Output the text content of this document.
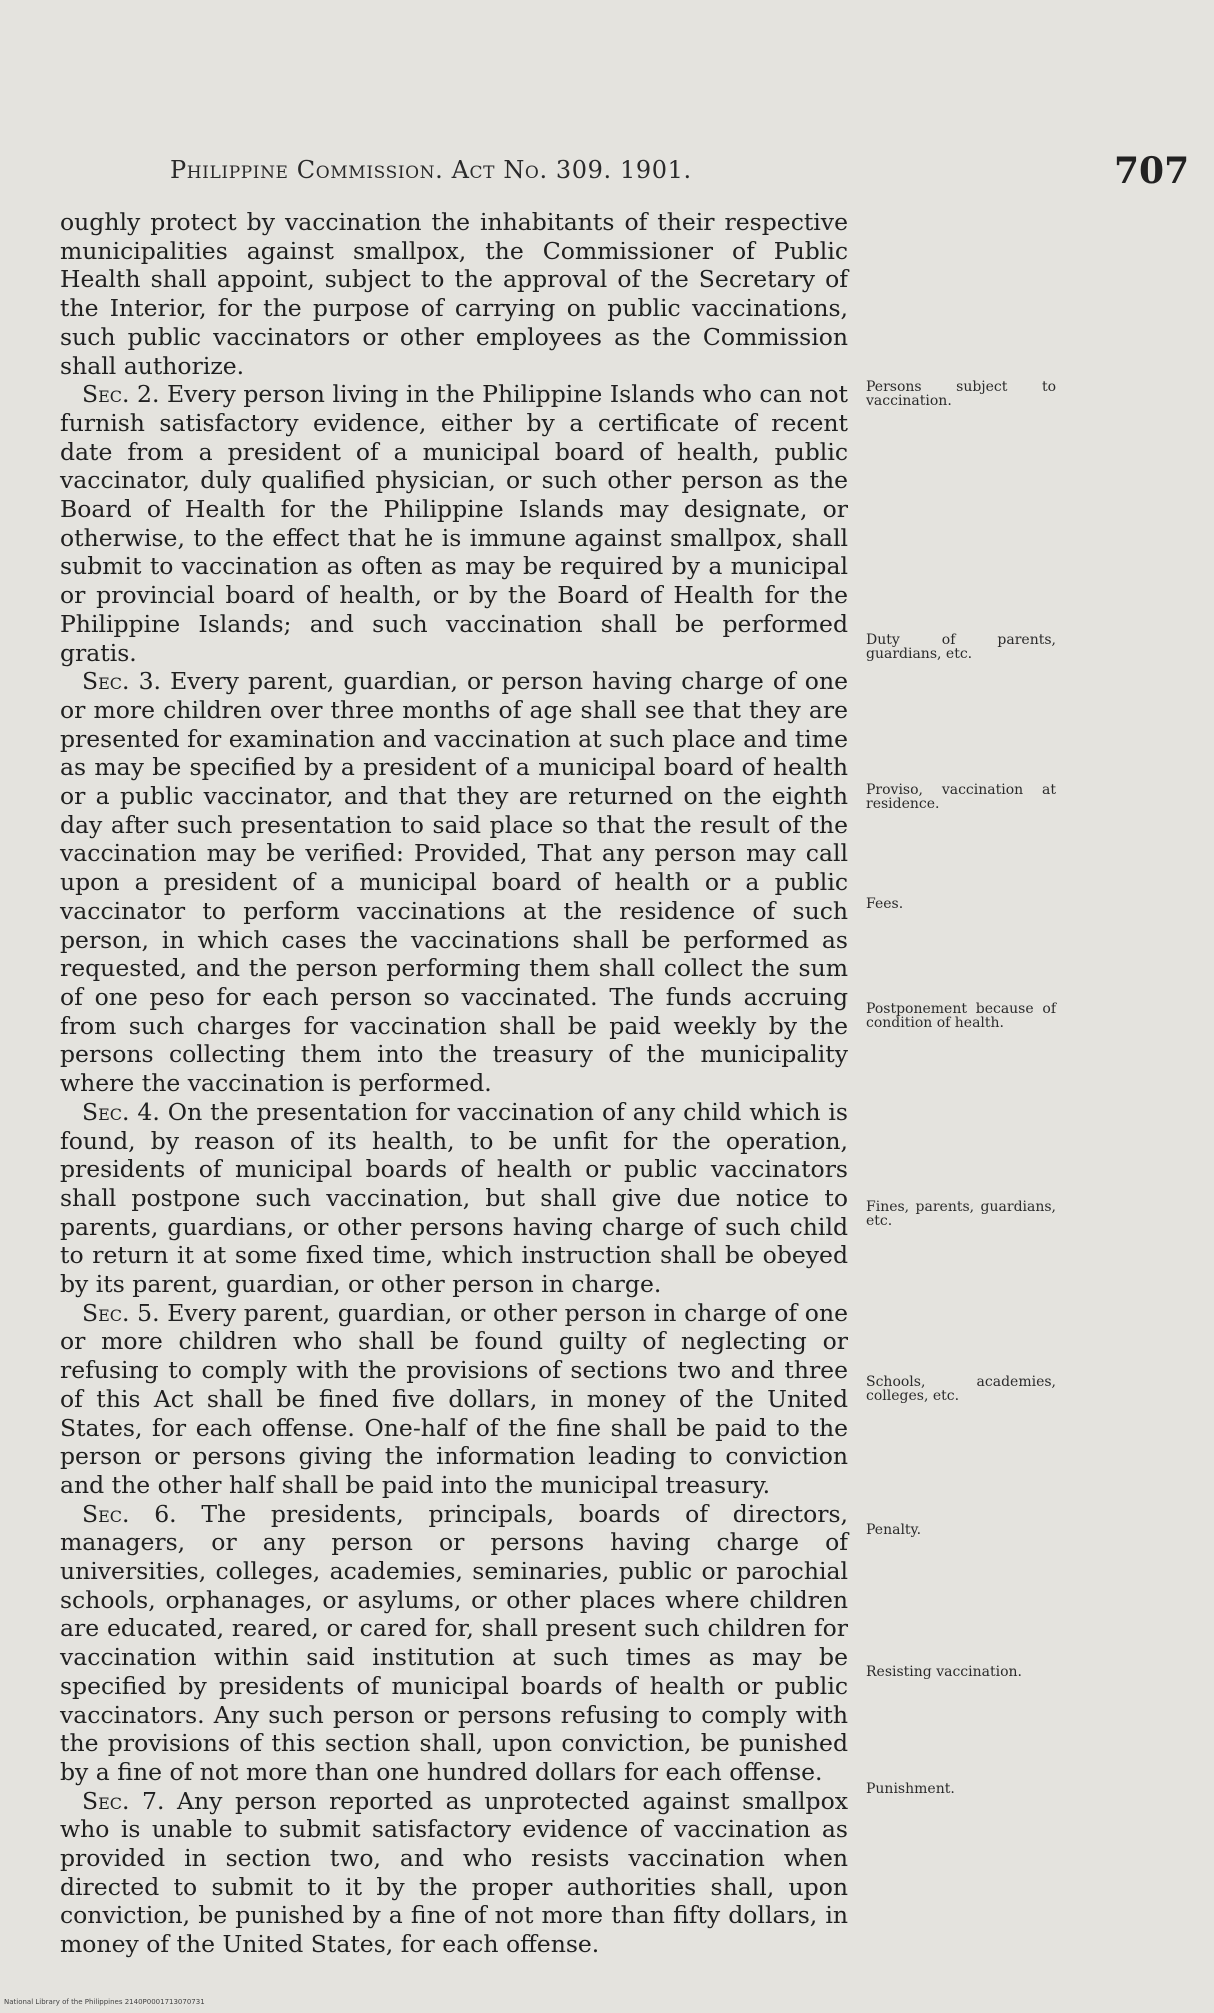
Philippine Commission. Act No. 309. 1901.	707

oughly protect by vaccination the inhabitants of their respective municipalities against smallpox, the Commissioner of Public Health shall appoint, subject to the approval of the Secretary of the Interior, for the purpose of carrying on public vaccinations, such public vaccinators or other employees as the Commission shall authorize.

Sec. 2. Every person living in the Philippine Islands who can not furnish satisfactory evidence, either by a certificate of recent date from a president of a municipal board of health, public vaccinator, duly qualified physician, or such other person as the Board of Health for the Philippine Islands may designate, or otherwise, to the effect that he is immune against smallpox, shall submit to vaccination as often as may be required by a municipal or provincial board of health, or by the Board of Health for the Philippine Islands; and such vaccination shall be performed gratis.

Sec. 3. Every parent, guardian, or person having charge of one or more children over three months of age shall see that they are presented for examination and vaccination at such place and time as may be specified by a president of a municipal board of health or a public vaccinator, and that they are returned on the eighth day after such presentation to said place so that the result of the vaccination may be verified: Provided, That any person may call upon a president of a municipal board of health or a public vaccinator to perform vaccinations at the residence of such person, in which cases the vaccinations shall be performed as requested, and the person performing them shall collect the sum of one peso for each person so vaccinated. The funds accruing from such charges for vaccination shall be paid weekly by the persons collecting them into the treasury of the municipality where the vaccination is performed.

Sec. 4. On the presentation for vaccination of any child which is found, by reason of its health, to be unfit for the operation, presidents of municipal boards of health or public vaccinators shall postpone such vaccination, but shall give due notice to parents, guardians, or other persons having charge of such child to return it at some fixed time, which instruction shall be obeyed by its parent, guardian, or other person in charge.

Sec. 5. Every parent, guardian, or other person in charge of one or more children who shall be found guilty of neglecting or refusing to comply with the provisions of sections two and three of this Act shall be fined five dollars, in money of the United States, for each offense. One-half of the fine shall be paid to the person or persons giving the information leading to conviction and the other half shall be paid into the municipal treasury.

Sec. 6. The presidents, principals, boards of directors, managers, or any person or persons having charge of universities, colleges, academies, seminaries, public or parochial schools, orphanages, or asylums, or other places where children are educated, reared, or cared for, shall present such children for vaccination within said institution at such times as may be specified by presidents of municipal boards of health or public vaccinators. Any such person or persons refusing to comply with the provisions of this section shall, upon conviction, be punished by a fine of not more than one hundred dollars for each offense.

Sec. 7. Any person reported as unprotected against smallpox who is unable to submit satisfactory evidence of vaccination as provided in section two, and who resists vaccination when directed to submit to it by the proper authorities shall, upon conviction, be punished by a fine of not more than fifty dollars, in money of the United States, for each offense.

Persons subject to vaccination.
Duty of parents, guardians, etc.
Proviso, vaccination at residence.
Fees.
Postponement because of condition of health.
Fines, parents, guardians, etc.
Schools, academies, colleges, etc.
Penalty.
Resisting vaccination.
Punishment.
National Library of the Philippines 2140P0001713070731
